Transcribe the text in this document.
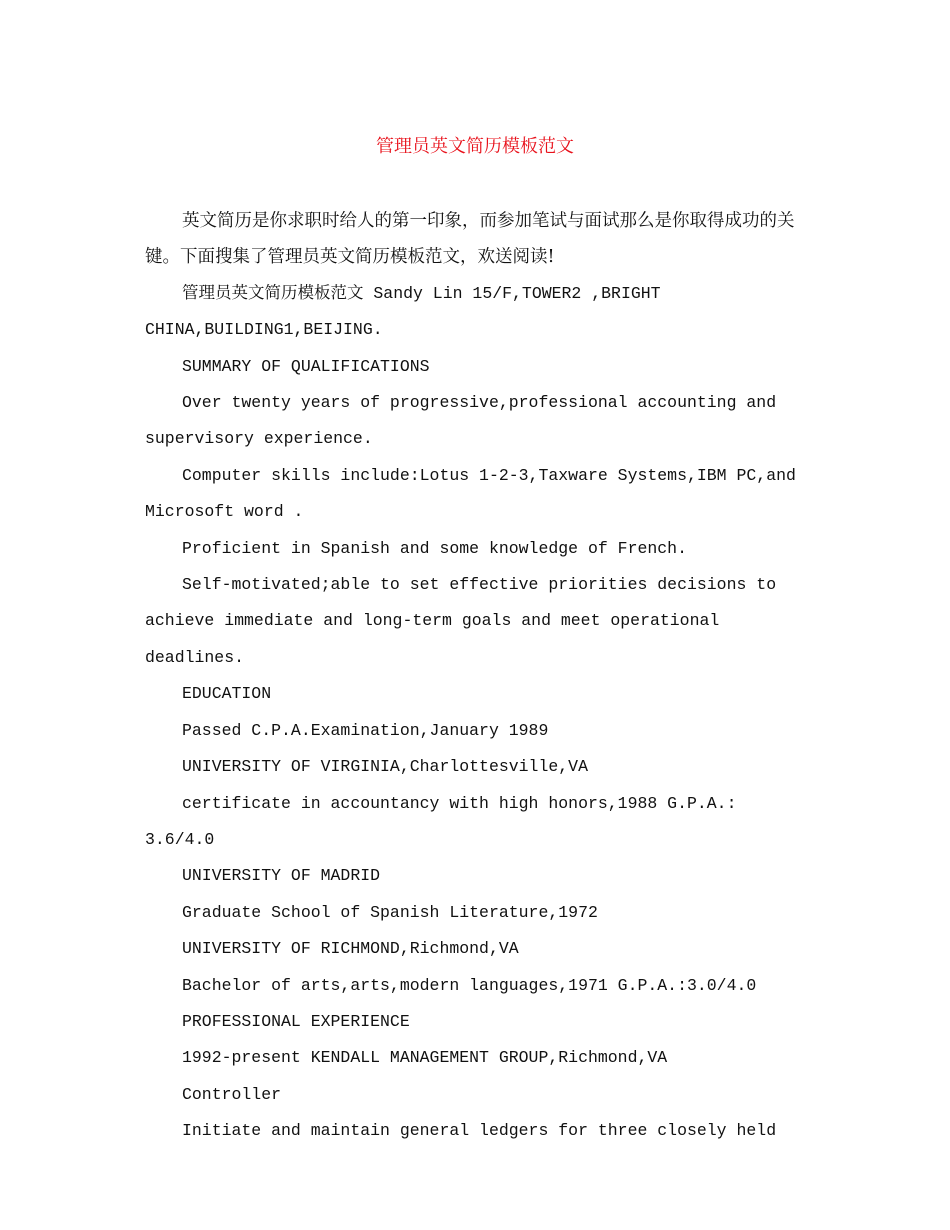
管理员英文简历模板范文

英文简历是你求职时给人的第一印象，而参加笔试与面试那么是你取得成功的关键。下面搜集了管理员英文简历模板范文，欢送阅读!

管理员英文简历模板范文 Sandy Lin 15/F,TOWER2 ,BRIGHT CHINA,BUILDING1,BEIJING.

SUMMARY OF QUALIFICATIONS

Over twenty years of progressive,professional accounting and supervisory experience.

Computer skills include:Lotus 1-2-3,Taxware Systems,IBM PC,and Microsoft word .

Proficient in Spanish and some knowledge of French.

Self-motivated;able to set effective priorities decisions to achieve immediate and long-term goals and meet operational deadlines.

EDUCATION

Passed C.P.A.Examination,January 1989

UNIVERSITY OF VIRGINIA,Charlottesville,VA

certificate in accountancy with high honors,1988 G.P.A.: 3.6/4.0

UNIVERSITY OF MADRID

Graduate School of Spanish Literature,1972

UNIVERSITY OF RICHMOND,Richmond,VA

Bachelor of arts,arts,modern languages,1971 G.P.A.:3.0/4.0

PROFESSIONAL EXPERIENCE

1992-present KENDALL MANAGEMENT GROUP,Richmond,VA

Controller

Initiate and maintain general ledgers for three closely held
